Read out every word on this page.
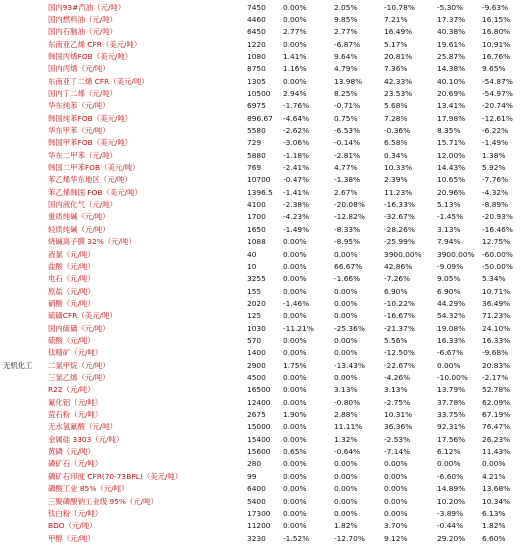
无机化工
国内93#汽油（元/吨）	7450 0.00%	2.05%	-10.78%	-5.30%	-9.63%
国内燃料油（元/吨）	4460 0.00%	9.85%	7.21%	17.37% 16.15%
国内石脑油（元/吨）	6450 2.77%	2.77%	16.49%	40.38% 16.80%
东南亚乙烯 CFR（美元/吨）	1220 0.00%	-6.87%	5.17%	19.61% 10.91%
韩国丙烯FOB（美元/吨）	1080 1.41%	9.64%	20.81%	25.87% 16.76%
国内丙烯（元/吨）	8750 1.16%	4.79%	7.36%	14.38% 9.65%
东南亚丁二烯 CFR（美元/吨）	1305 0.00%	13.98%	42.33%	40.10% -54.87%
国内丁二烯（元/吨）	10500 2.94%	8.25%	23.53%	20.69% -54.97%
华东纯苯（元/吨）	6975 -1.76%	-0.71%	5.68%	13.41% -20.74%
韩国纯苯FOB（美元/吨）	896.67 -4.64%	0.75%	7.28%	17.98% -12.61%
华东甲苯（元/吨）	5580 -2.62%	-6.53%	-0.36%	8.35%	-6.22%
韩国甲苯FOB（美元/吨）	729	-3.06%	-0.14%	6.58%	15.71% -1.49%
华东二甲苯（元/吨）	5880 -1.18%	-2.81%	0.34%	12.00% 1.38%
韩国二甲苯FOB（美元/吨）	769	-2.41%	4.77%	10.33%	14.43% 5.92%
苯乙烯华东地区（元/吨）	10700 -0.47%	-1.38%	2.39%	10.65% -7.76%
苯乙烯韩国 FOB（美元/吨）	1396.5 -1.41%	2.67%	11.23%	20.96% -4.32%
国内液化气（元/吨）	4100 -2.38%	-20.08%	-16.33%	5.13%	-8.89%
重质纯碱（元/吨）	1700 -4.23%	-12.82%	-32.67%	-1.45%	-20.93%
轻质纯碱（元/吨）	1650 -1.49%	-8.33%	-28.26%	3.13%	-16.46%
烧碱离子膜 32%（元/吨）	1088 0.00%	-8.95%	-25.99%	7.94%	12.75%
液氯（元/吨）	40	0.00%	0.00%	3900.00% 3900.00% -60.00%
盐酸（元/吨）	10	0.00%	66.67%	42.86%	-9.09%	-50.00%
电石（元/吨）	3255 0.00%	-1.66%	-7.26%	9.05%	5.34%
原盐（元/吨）	155	0.00%	0.00%	6.90%	6.90%	10.71%
硝酸（元/吨）	2020 -1.46%	0.00%	-10.22%	44.29% 36.49%
硫磺CFR（美元/吨）	125	0.00%	0.00%	-16.67%	54.32% 71.23%
国内硫磺（元/吨）	1030 -11.21%	-25.36%	-21.37%	19.08% 24.10%
硫酸（元/吨）	570	0.00%	0.00%	5.56%	16.33% 16.33%
钛精矿（元/吨）	1400 0.00%	0.00%	-12.50%	-6.67%	-9.68%
二氯甲烷（元/吨）	2900 1.75%	-13.43%	-22.67%	0.00%	20.83%
三氯乙烯（元/吨）	4500 0.00%	0.00%	-4.26%	-10.00% -2.17%
R22（元/吨）	16500 0.00%	3.13%	3.13%	13.79% 52.78%
氟化铝（元/吨）	12400 0.00%	-0.80%	-2.75%	37.78% 62.09%
萤石粉（元/吨）	2675 1.90%	2.88%	10.31%	33.75% 67.19%
无水氢氟酸（元/吨）	15000 0.00%	11.11%	36.36%	92.31% 76.47%
金属硅 3303（元/吨）	15400 0.00%	1.32%	-2.53%	17.56% 26.23%
黄磷（元/吨）	15600 0.65%	-0.64%	-7.14%	6.12%	11.43%
磷矿石（元/吨）	280	0.00%	0.00%	0.00%	0.00%	0.00%
磷矿石印度 CFR(70-73BPL)（美元/吨）	99	0.00%	0.00%	0.00%	-6.60%	4.21%
磷酸工业 85%（元/吨）	6400 0.00%	0.00%	0.00%	14.89% 13.68%
三聚磷酸钠工业级 95%（元/吨）	5400 0.00%	0.00%	0.00%	10.20% 10.34%
钛白粉（元/吨）	17300 0.00%	0.00%	0.00%	-3.89%	6.13%
BDO（元/吨）	11200 0.00%	1.82%	3.70%	-0.44%	1.82%
甲醇（元/吨）	3230 -1.52%	-12.70%	9.12%	29.20% 6.60%
